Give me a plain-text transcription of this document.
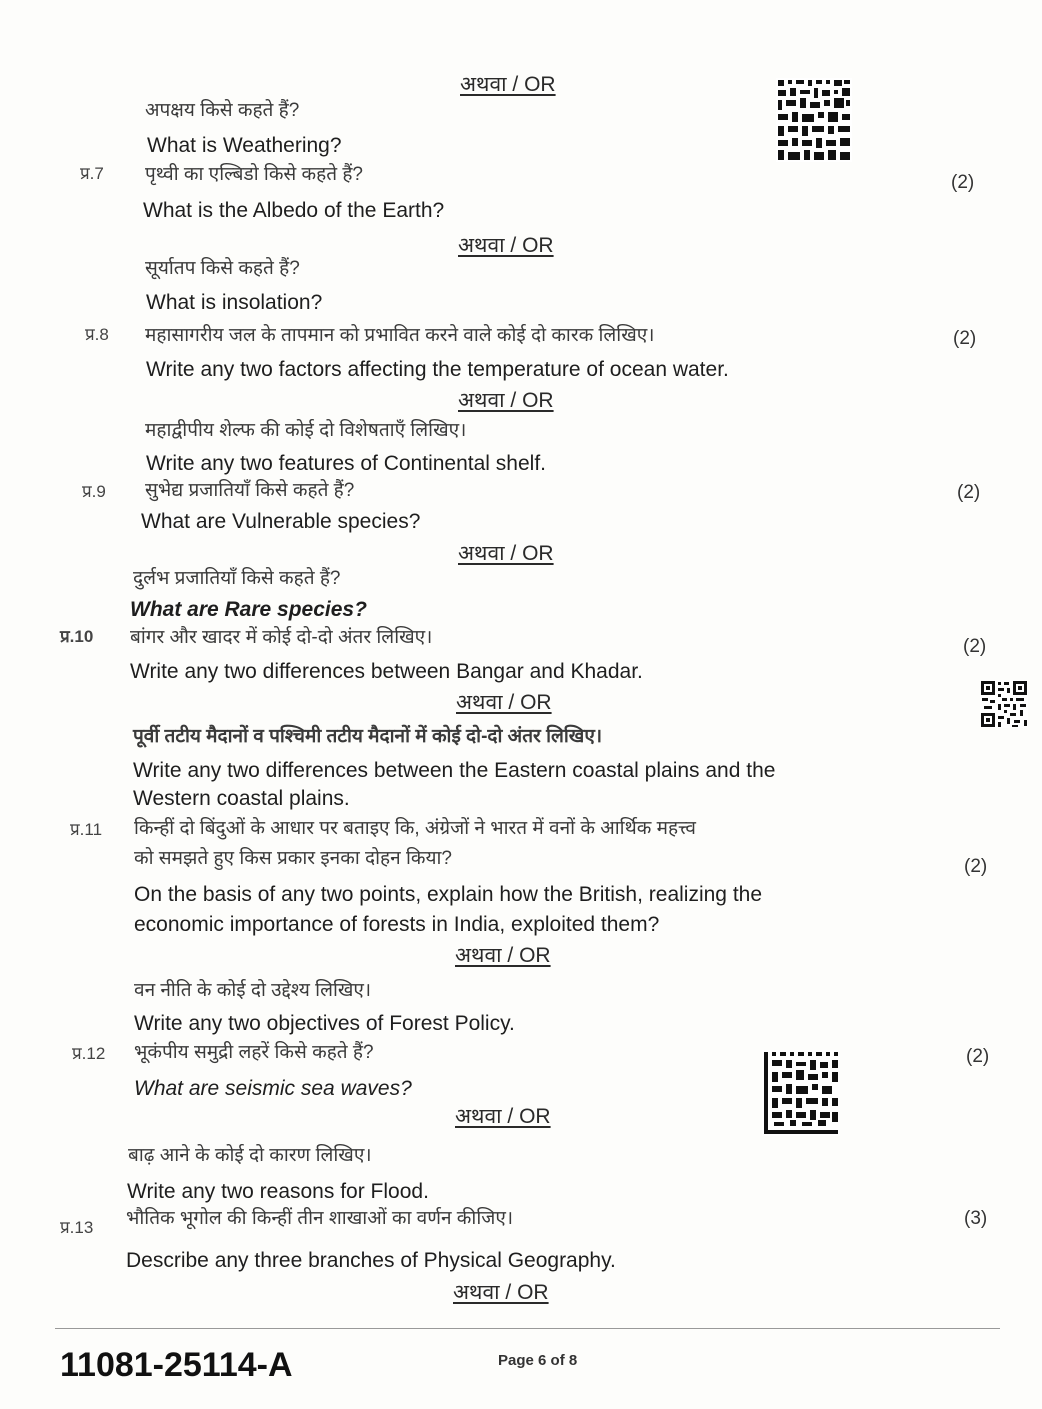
अथवा / OR
अथवा / OR
अथवा / OR
अथवा / OR
अथवा / OR
अथवा / OR
अथवा / OR
अथवा / OR
अपक्षय किसे कहते हैं?
What is Weathering?
प्र.7 पृथ्वी का एल्बिडो किसे कहते हैं?	(2)
What is the Albedo of the Earth?
सूर्यातप किसे कहते हैं?
What is insolation?
प्र.8 महासागरीय जल के तापमान को प्रभावित करने वाले कोई दो कारक लिखिए।	(2)
Write any two factors affecting the temperature of ocean water.
महाद्वीपीय शेल्फ की कोई दो विशेषताएँ लिखिए।
Write any two features of Continental shelf.
प्र.9 सुभेद्य प्रजातियाँ किसे कहते हैं?	(2)
What are Vulnerable species?
दुर्लभ प्रजातियाँ किसे कहते हैं?
What are Rare species?
प्र.10 बांगर और खादर में कोई दो-दो अंतर लिखिए।	(2)
Write any two differences between Bangar and Khadar.
पूर्वी तटीय मैदानों व पश्चिमी तटीय मैदानों में कोई दो-दो अंतर लिखिए।
Write any two differences between the Eastern coastal plains and the
Western coastal plains.
प्र.11 किन्हीं दो बिंदुओं के आधार पर बताइए कि, अंग्रेजों ने भारत में वनों के आर्थिक महत्त्व
को समझते हुए किस प्रकार इनका दोहन किया?	(2)
On the basis of any two points, explain how the British, realizing the
economic importance of forests in India, exploited them?
वन नीति के कोई दो उद्देश्य लिखिए।
Write any two objectives of Forest Policy.
प्र.12 भूकंपीय समुद्री लहरें किसे कहते हैं?	(2)
What are seismic sea waves?
बाढ़ आने के कोई दो कारण लिखिए।
Write any two reasons for Flood.
प्र.13 भौतिक भूगोल की किन्हीं तीन शाखाओं का वर्णन कीजिए।	(3)
Describe any three branches of Physical Geography.
11081-25114-A	Page 6 of 8
